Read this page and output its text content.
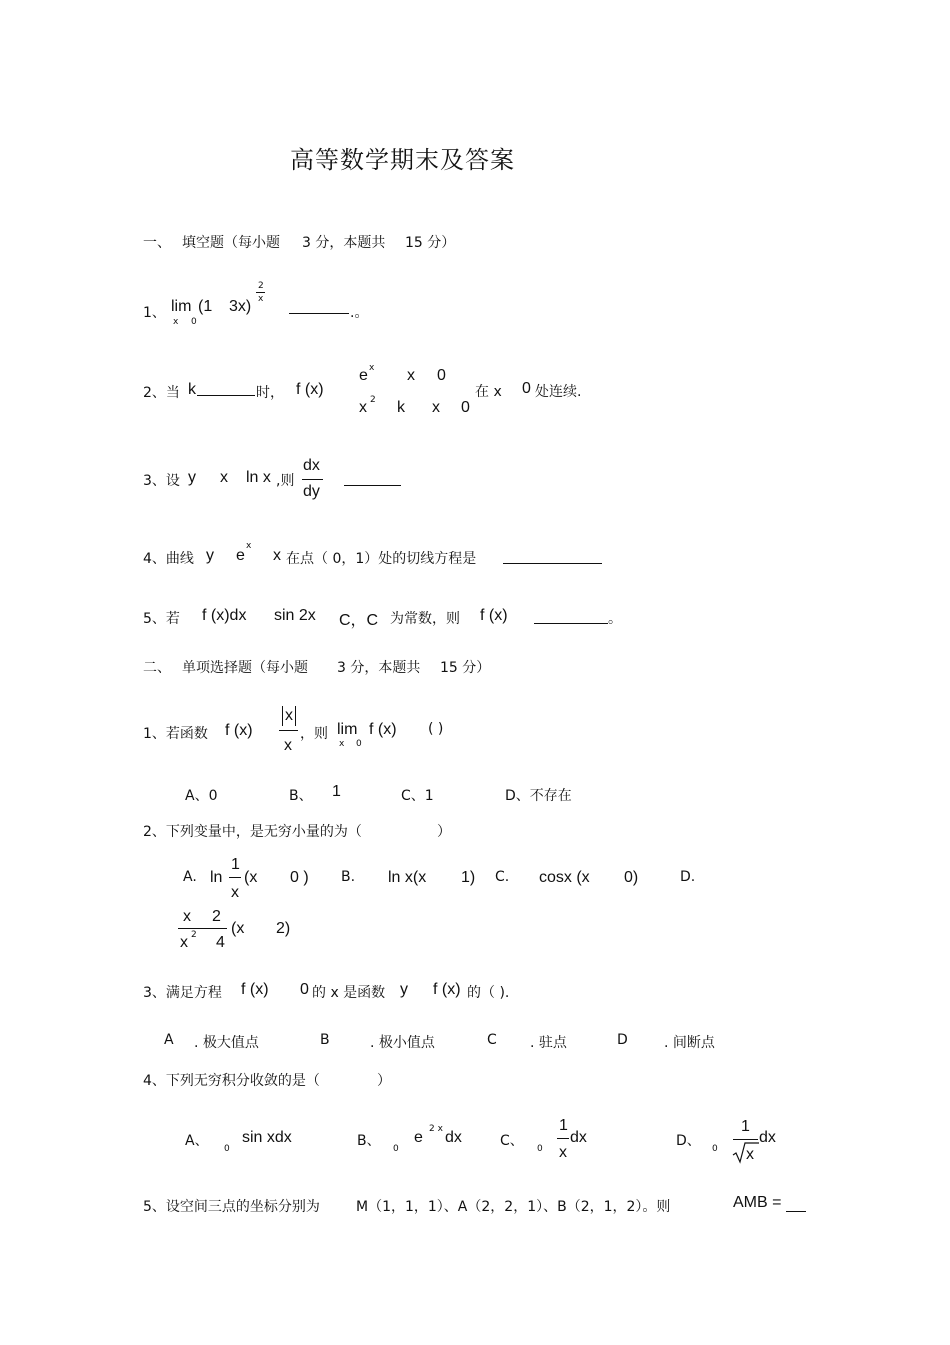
高等数学期末及答案
一、 填空题（每小题 3 分，本题共 15 分）
1、 lim
x 0
(1 3x)
2
x
.。
2、当 k	时， f (x)
e x x 0
x 2 k x 0
在 x 0 处连续.
3、设 y x ln x ,则
dx
dy
4、曲线 y e
x
x 在点（ 0，1）处的切线方程是
5、若 f (x)dx sin 2x C，C 为常数，则 f (x)	。
二、 单项选择题（每小题 3 分，本题共 15 分）
1、若函数 f (x)
x
x
，则 lim
x 0
f (x) ( )
A、0	B、 1	C、1	D、不存在
2、下列变量中，是无穷小量的为（	）
A. ln
1
x
(x 0 ) B. ln x(x 1) C. cosx (x 0)	D.
x 2
x 2 4
(x 2)
3、满足方程 f (x) 0 的 x 是函数 y f (x) 的（ ).
A . 极大值点	B	. 极小值点	C . 驻点	D	. 间断点
4、下列无穷积分收敛的是（	）
A、 0
sin xdx	B、 0
e 2 x dx	C、 0
1
x
dx	D、 0
1
x
dx
5、设空间三点的坐标分别为	M（1，1，1）、A（2，2，1）、B（2，1，2）。则	AMB =
